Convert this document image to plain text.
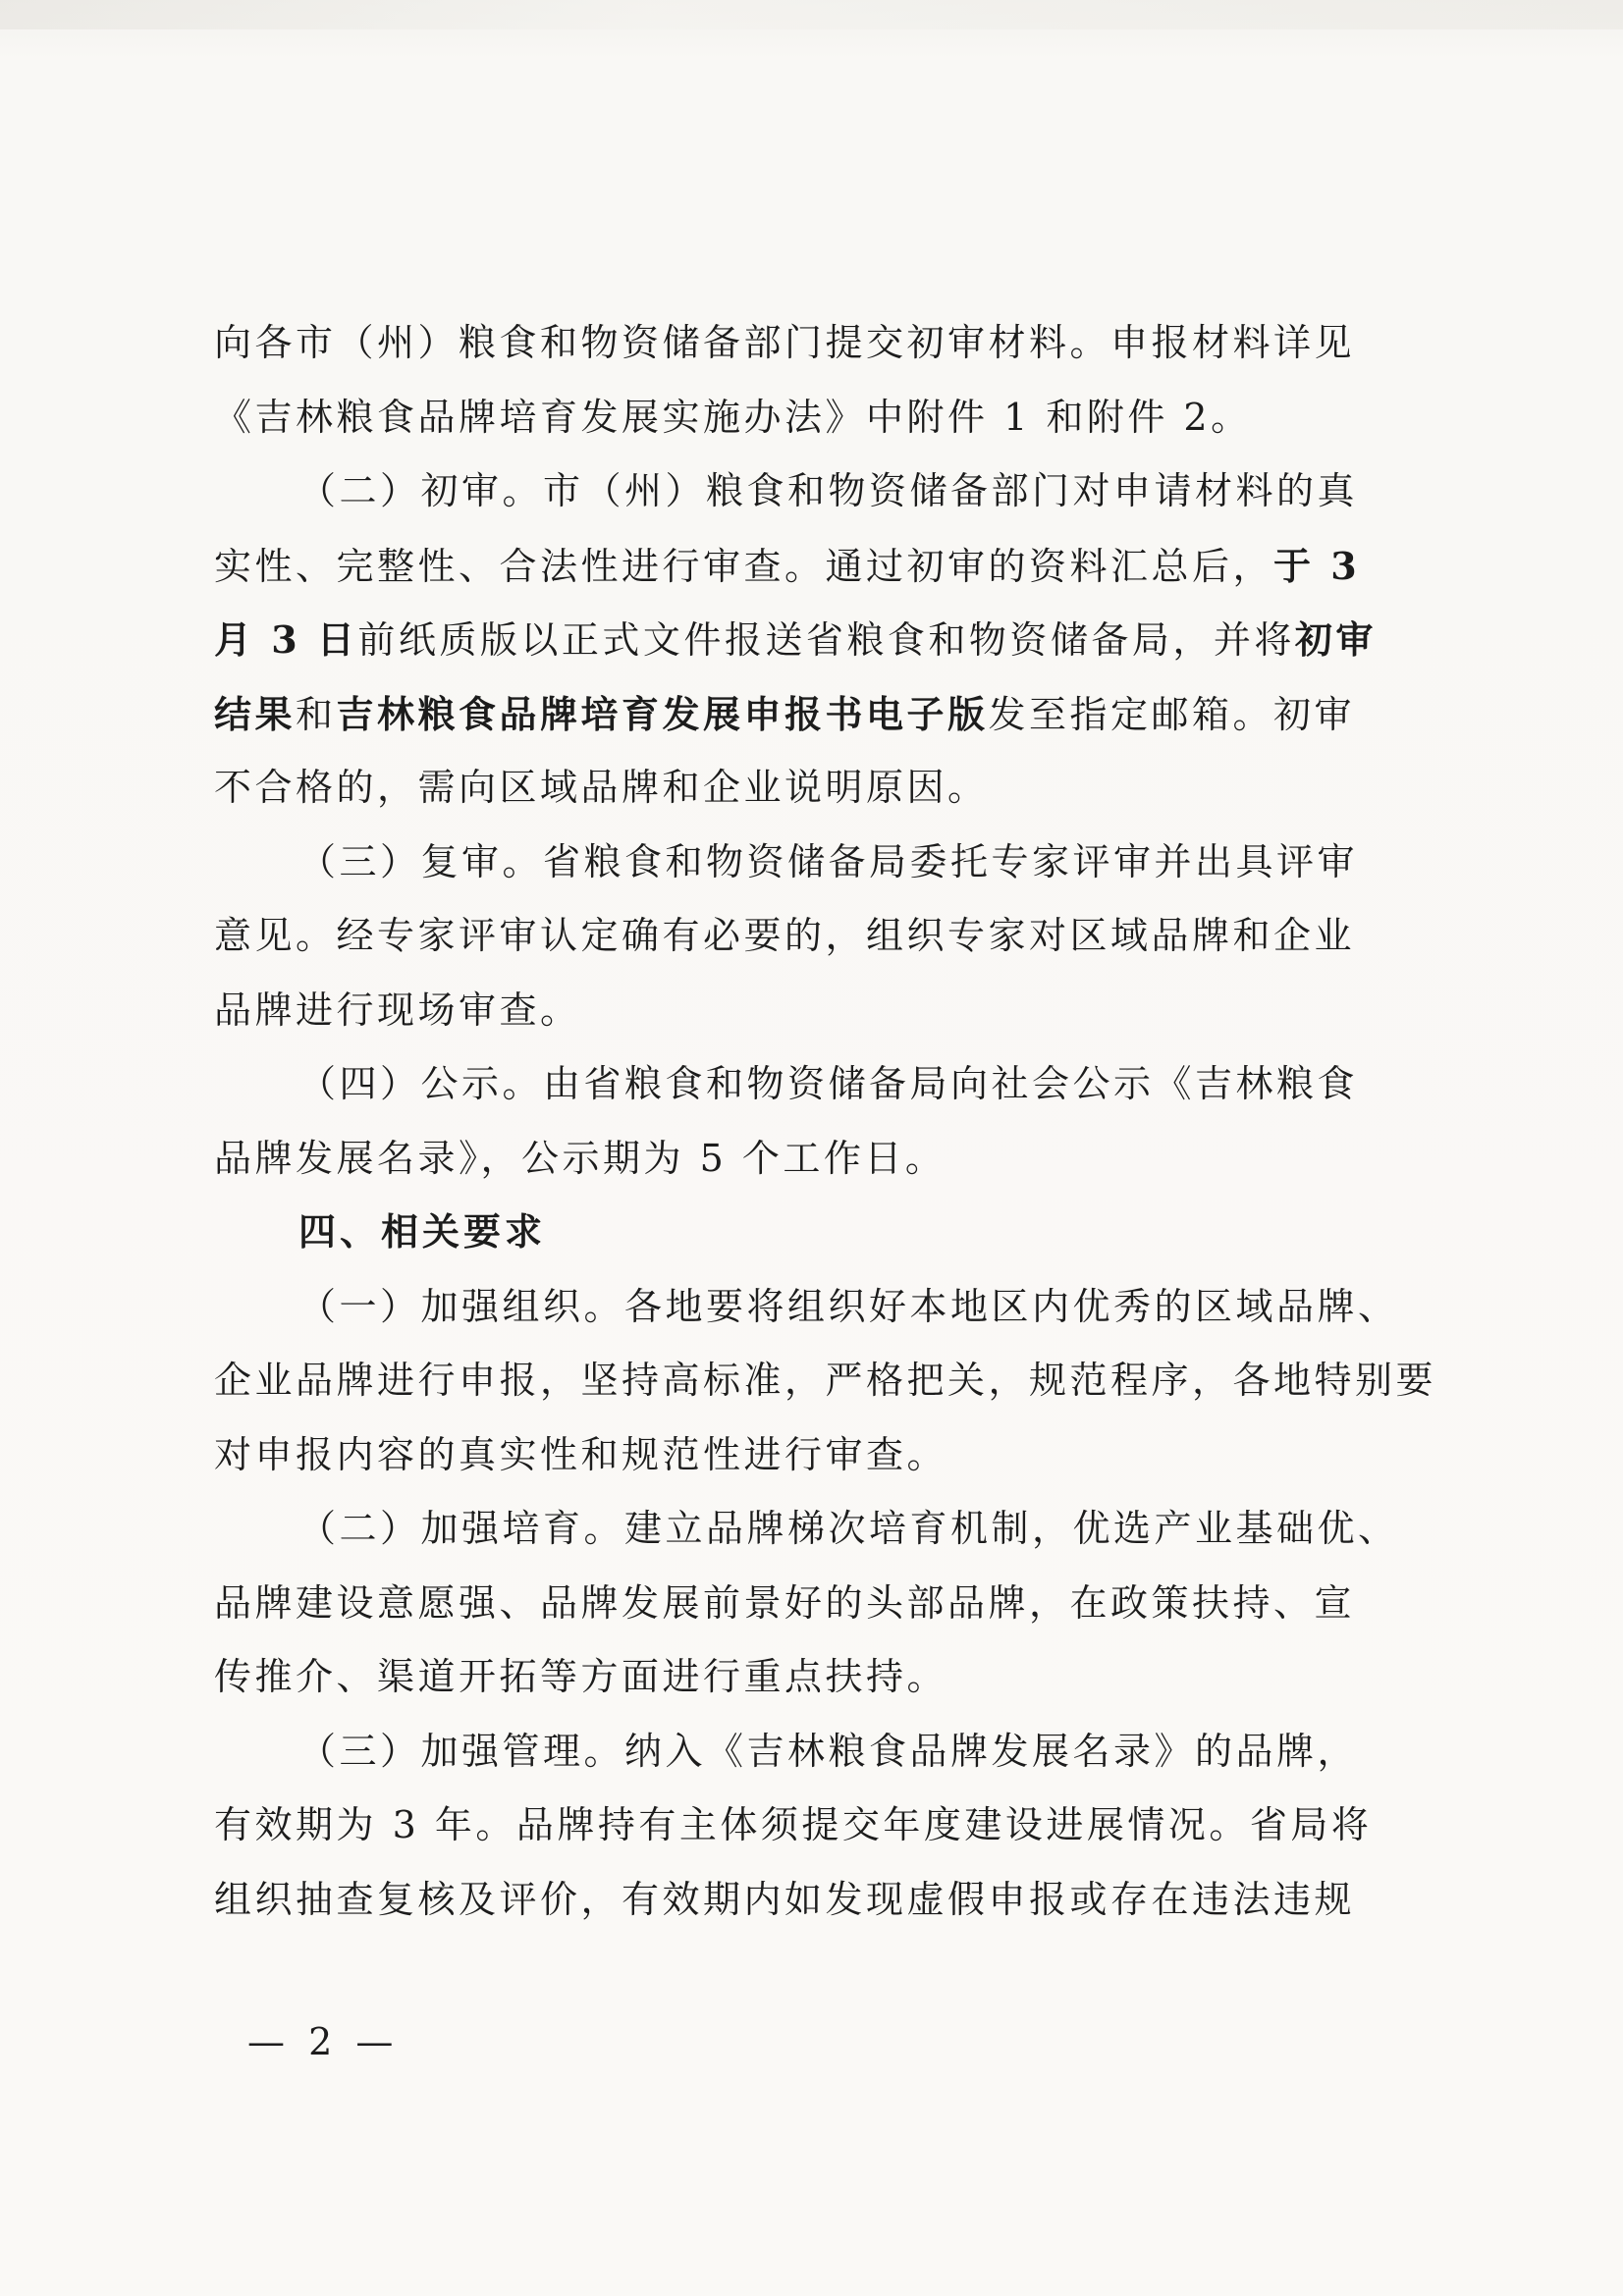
向各市（州）粮食和物资储备部门提交初审材料。申报材料详见
《吉林粮食品牌培育发展实施办法》中附件 1 和附件 2。
（二）初审。市（州）粮食和物资储备部门对申请材料的真
实性、完整性、合法性进行审查。通过初审的资料汇总后，于 3
月 3 日前纸质版以正式文件报送省粮食和物资储备局，并将初审
结果和吉林粮食品牌培育发展申报书电子版发至指定邮箱。初审
不合格的，需向区域品牌和企业说明原因。
（三）复审。省粮食和物资储备局委托专家评审并出具评审
意见。经专家评审认定确有必要的，组织专家对区域品牌和企业
品牌进行现场审查。
（四）公示。由省粮食和物资储备局向社会公示《吉林粮食
品牌发展名录》，公示期为 5 个工作日。
四、相关要求
（一）加强组织。各地要将组织好本地区内优秀的区域品牌、
企业品牌进行申报，坚持高标准，严格把关，规范程序，各地特别要
对申报内容的真实性和规范性进行审查。
（二）加强培育。建立品牌梯次培育机制，优选产业基础优、
品牌建设意愿强、品牌发展前景好的头部品牌，在政策扶持、宣
传推介、渠道开拓等方面进行重点扶持。
（三）加强管理。纳入《吉林粮食品牌发展名录》的品牌，
有效期为 3 年。品牌持有主体须提交年度建设进展情况。省局将
组织抽查复核及评价，有效期内如发现虚假申报或存在违法违规
— 2 —
